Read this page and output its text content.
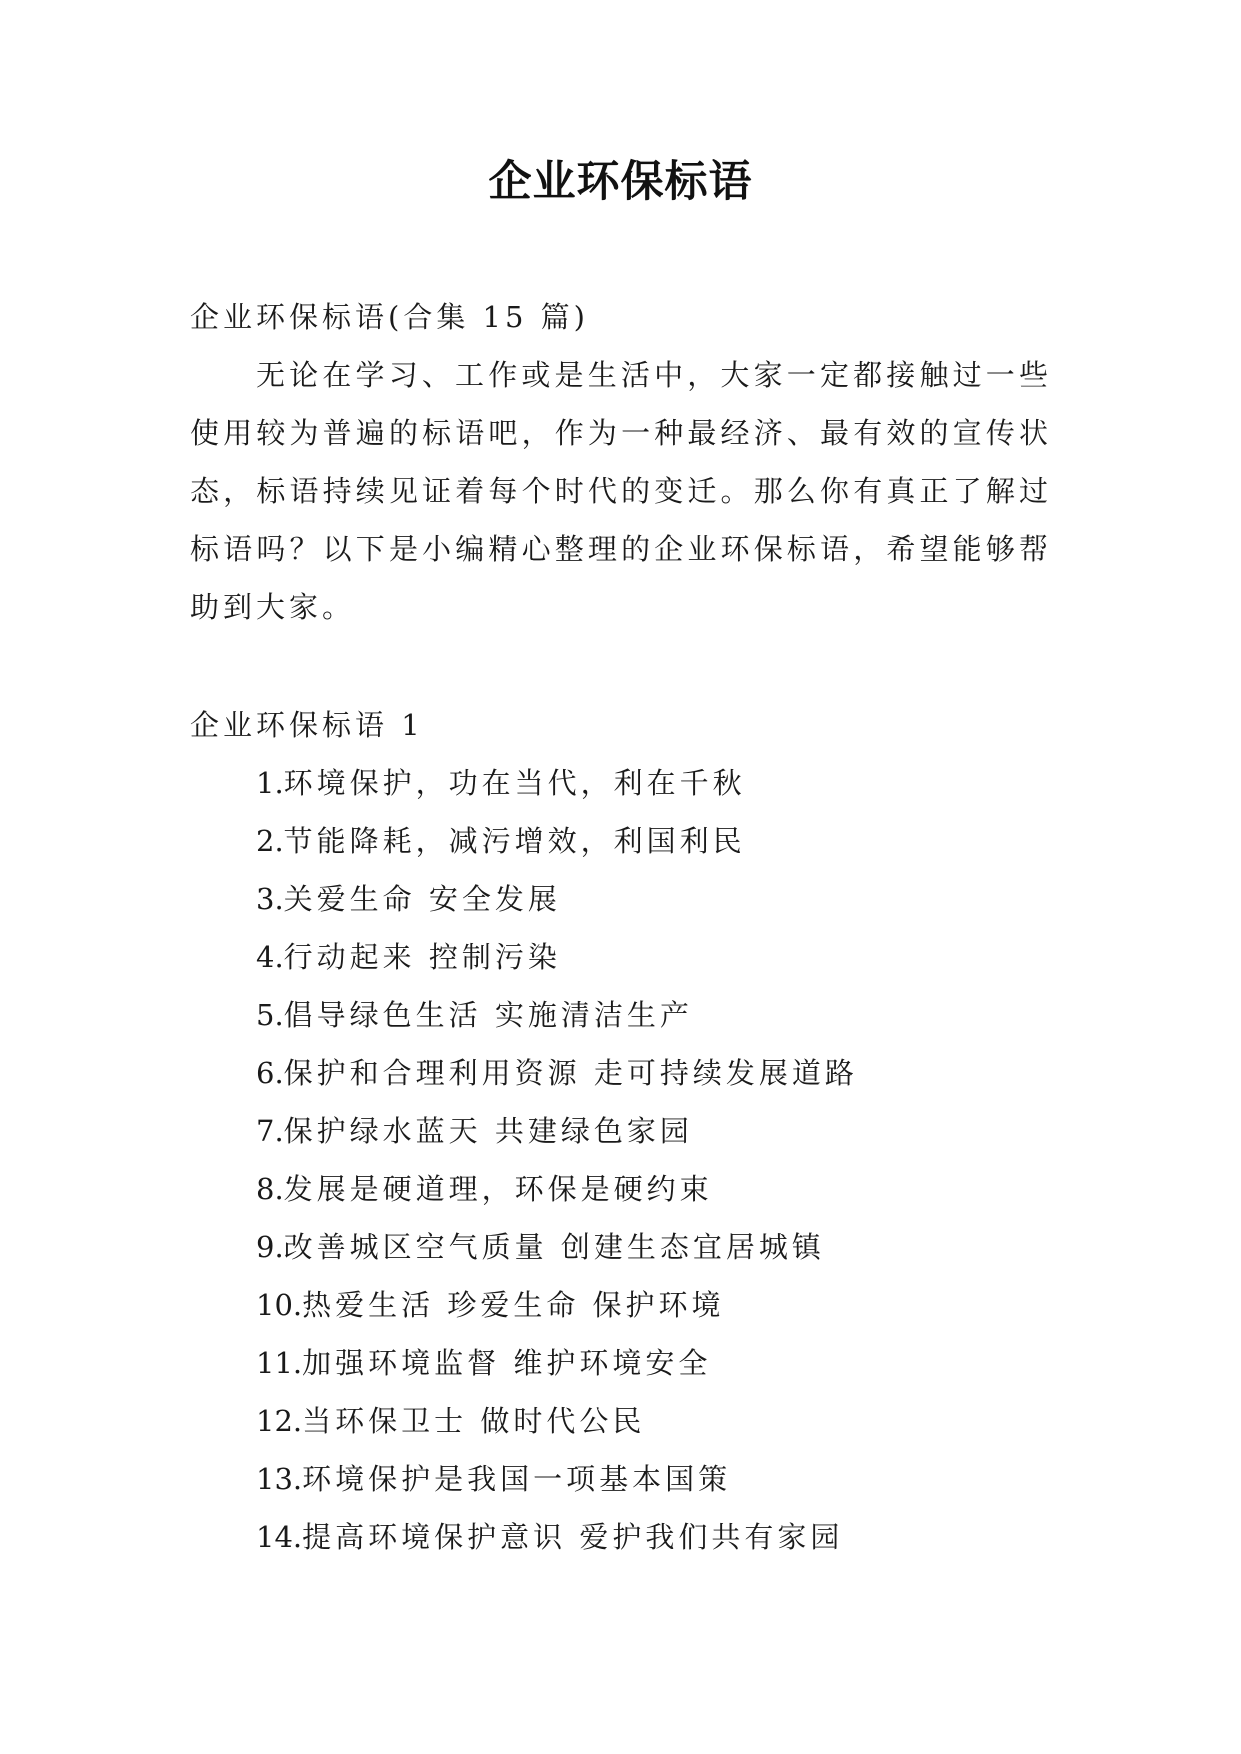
企业环保标语
企业环保标语(合集 15 篇)
无论在学习、工作或是生活中，大家一定都接触过一些使用较为普遍的标语吧，作为一种最经济、最有效的宣传状态，标语持续见证着每个时代的变迁。那么你有真正了解过标语吗？以下是小编精心整理的企业环保标语，希望能够帮助到大家。
企业环保标语 1
1.环境保护，功在当代，利在千秋
2.节能降耗，减污增效，利国利民
3.关爱生命 安全发展
4.行动起来 控制污染
5.倡导绿色生活 实施清洁生产
6.保护和合理利用资源 走可持续发展道路
7.保护绿水蓝天 共建绿色家园
8.发展是硬道理，环保是硬约束
9.改善城区空气质量 创建生态宜居城镇
10.热爱生活 珍爱生命 保护环境
11.加强环境监督 维护环境安全
12.当环保卫士 做时代公民
13.环境保护是我国一项基本国策
14.提高环境保护意识 爱护我们共有家园
